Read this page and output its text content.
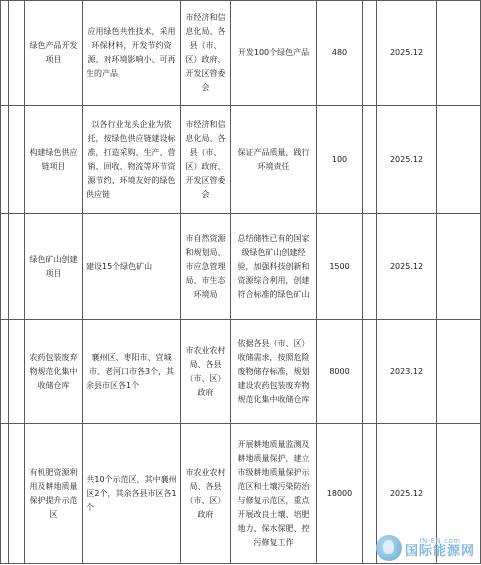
		绿色产品开发项目	应用绿色共性技术，采用环保材料，开发节约资源、对环境影响小、可再生的产品	市经济和信息化局、各县（市、区）政府、开发区管委会	开发100个绿色产品	480		2025.12	
		构建绿色供应链项目	以各行业龙头企业为依托，按绿色供应链建设标准，打造采购、生产、营销、回收、物流等环节资源节约、环境友好的绿色供应链	市经济和信息化局、各县（市、区）政府、开发区管委会	保证产品质量，践行环境责任	100		2025.12	
		绿色矿山创建项目	建设15个绿色矿山	市自然资源和规划局、市应急管理局、市生态环境局	总结储牲已有的国家级绿色矿山创建经验，加强科技创新和资源综合利用，创建符合标准的绿色矿山	1500		2025.12	
		农药包装废弃物规范化集中收储仓库	襄州区、枣阳市、宜城市、老河口市各3个，其余县市区各1个	市农业农村局、各县（市、区）政府	依据各县（市、区）收储需求，按照危险废物储存标准，规划建设农药包装废弃物规范化集中收储仓库	8000		2023.12	
		有机肥资源利用及耕地质量保护提升示范区	共10个示范区，其中襄州区2个，其余各县市区各1个	市农业农村局、各县（市、区）政府	开展耕地质量监测及耕地质量保护，建立市级耕地质量保护示范区和土壤污染防治与修复示范区，重点开展改良土壤、培肥地力、保水保肥、控污修复工作	18000		2025.12	
IN-EN.com
国际能源网
